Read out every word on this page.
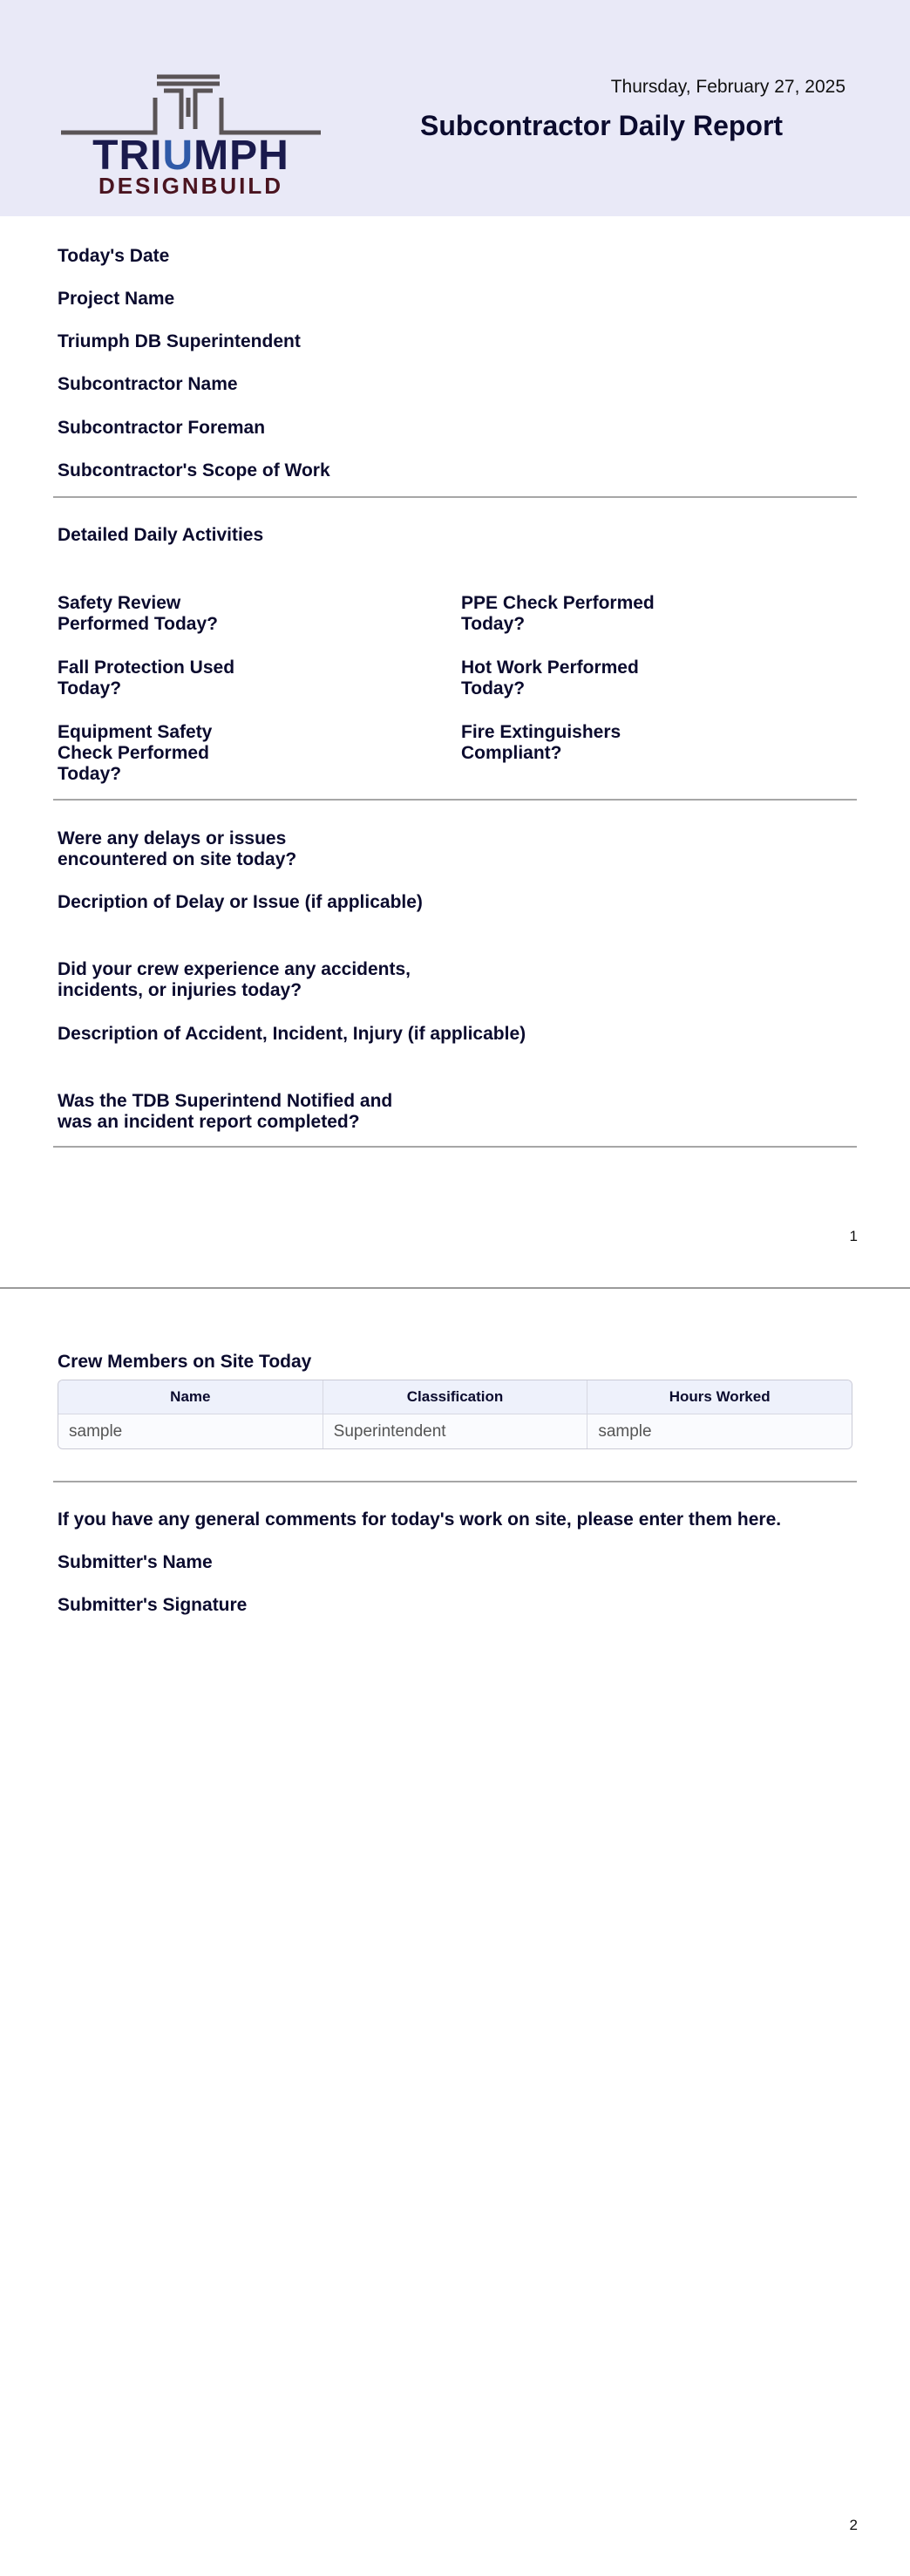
TRIUMPH
DESIGNBUILD
Thursday, February 27, 2025
Subcontractor Daily Report
Today's Date
Project Name
Triumph DB Superintendent
Subcontractor Name
Subcontractor Foreman
Subcontractor's Scope of Work
Detailed Daily Activities
Safety Review Performed Today?
PPE Check Performed Today?
Fall Protection Used Today?
Hot Work Performed Today?
Equipment Safety Check Performed Today?
Fire Extinguishers Compliant?
Were any delays or issues encountered on site today?
Decription of Delay or Issue (if applicable)
Did your crew experience any accidents, incidents, or injuries today?
Description of Accident, Incident, Injury (if applicable)
Was the TDB Superintend Notified and was an incident report completed?
1
Crew Members on Site Today
Name	Classification	Hours Worked
sample	Superintendent	sample
If you have any general comments for today's work on site, please enter them here.
Submitter's Name
Submitter's Signature
2
